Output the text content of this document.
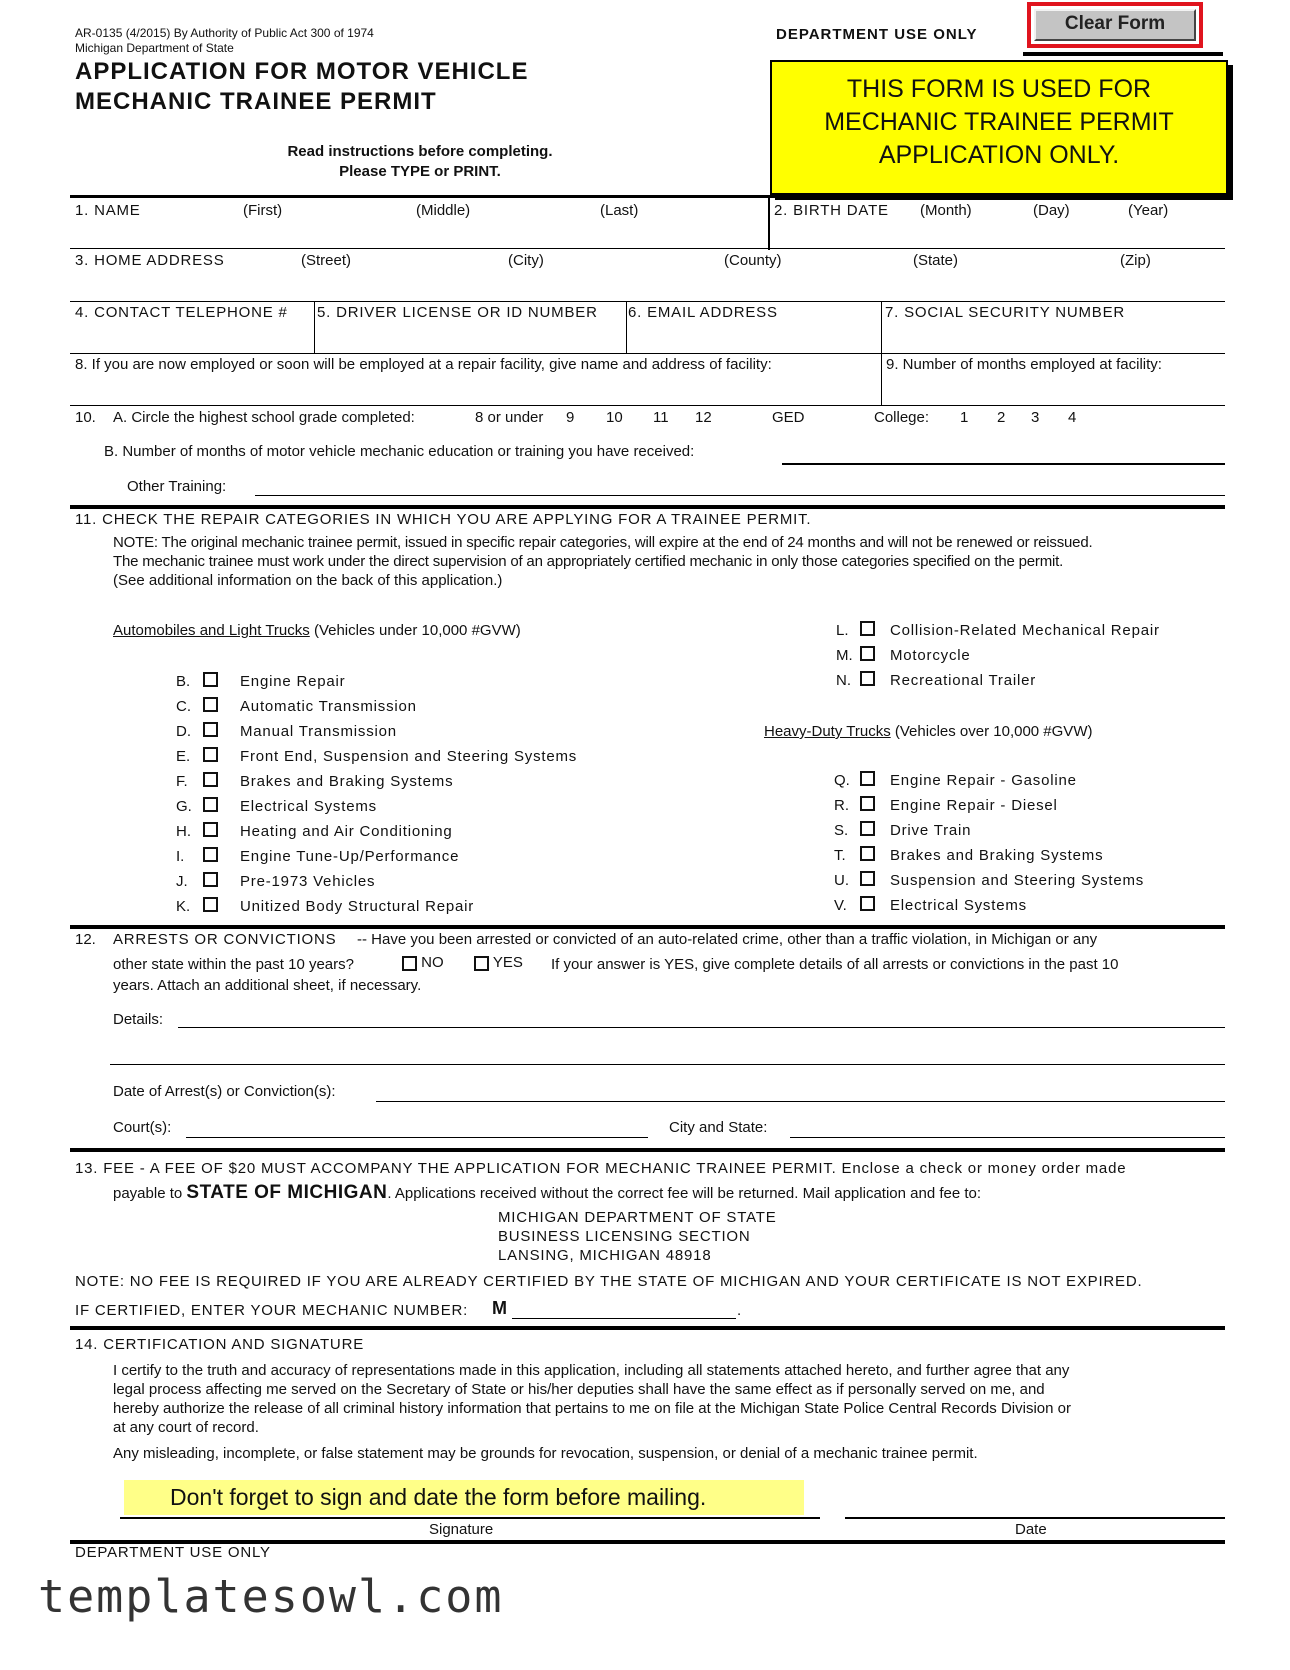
AR-0135 (4/2015) By Authority of Public Act 300 of 1974
Michigan Department of State
APPLICATION FOR MOTOR VEHICLE
MECHANIC TRAINEE PERMIT
Read instructions before completing.
Please TYPE or PRINT.
DEPARTMENT USE ONLY
Clear Form
THIS FORM IS USED FOR
MECHANIC TRAINEE PERMIT
APPLICATION ONLY.
1. NAME	(First)	(Middle)	(Last)	2. BIRTH DATE (Month)	(Day)	(Year)
3. HOME ADDRESS	(Street)	(City)	(County)	(State)	(Zip)
4. CONTACT TELEPHONE # 5. DRIVER LICENSE OR ID NUMBER 6. EMAIL ADDRESS	7. SOCIAL SECURITY NUMBER
8. If you are now employed or soon will be employed at a repair facility, give name and address of facility:	9. Number of months employed at facility:
10. A. Circle the highest school grade completed:	8 or under 9 10 11 12	GED	College: 1 2 3 4
B. Number of months of motor vehicle mechanic education or training you have received:
Other Training:
11. CHECK THE REPAIR CATEGORIES IN WHICH YOU ARE APPLYING FOR A TRAINEE PERMIT.
NOTE: The original mechanic trainee permit, issued in specific repair categories, will expire at the end of 24 months and will not be renewed or reissued.
The mechanic trainee must work under the direct supervision of an appropriately certified mechanic in only those categories specified on the permit.
(See additional information on the back of this application.)
Automobiles and Light Trucks (Vehicles under 10,000 #GVW)
Heavy-Duty Trucks (Vehicles over 10,000 #GVW)
B.	Engine Repair
C.	Automatic Transmission
D.	Manual Transmission
E.	Front End, Suspension and Steering Systems
F.	Brakes and Braking Systems
G.	Electrical Systems
H.	Heating and Air Conditioning
I.	Engine Tune-Up/Performance
J.	Pre-1973 Vehicles
K.	Unitized Body Structural Repair
L.	Collision-Related Mechanical Repair
M. Motorcycle
N.	Recreational Trailer
Q.	Engine Repair - Gasoline
R.	Engine Repair - Diesel
S.	Drive Train
T.	Brakes and Braking Systems
U.	Suspension and Steering Systems
V.	Electrical Systems
12. ARRESTS OR CONVICTIONS -- Have you been arrested or convicted of an auto-related crime, other than a traffic violation, in Michigan or any
other state within the past 10 years?	NO	YES If your answer is YES, give complete details of all arrests or convictions in the past 10
years. Attach an additional sheet, if necessary.
Details:
Date of Arrest(s) or Conviction(s):
Court(s):	City and State:
13. FEE - A FEE OF $20 MUST ACCOMPANY THE APPLICATION FOR MECHANIC TRAINEE PERMIT. Enclose a check or money order made
payable to STATE OF MICHIGAN. Applications received without the correct fee will be returned. Mail application and fee to:
MICHIGAN DEPARTMENT OF STATE
BUSINESS LICENSING SECTION
LANSING, MICHIGAN 48918
NOTE: NO FEE IS REQUIRED IF YOU ARE ALREADY CERTIFIED BY THE STATE OF MICHIGAN AND YOUR CERTIFICATE IS NOT EXPIRED.
IF CERTIFIED, ENTER YOUR MECHANIC NUMBER: M	.
14. CERTIFICATION AND SIGNATURE
I certify to the truth and accuracy of representations made in this application, including all statements attached hereto, and further agree that any
legal process affecting me served on the Secretary of State or his/her deputies shall have the same effect as if personally served on me, and
hereby authorize the release of all criminal history information that pertains to me on file at the Michigan State Police Central Records Division or
at any court of record.
Any misleading, incomplete, or false statement may be grounds for revocation, suspension, or denial of a mechanic trainee permit.
Don't forget to sign and date the form before mailing.
Signature	Date
DEPARTMENT USE ONLY
templatesowl.com
